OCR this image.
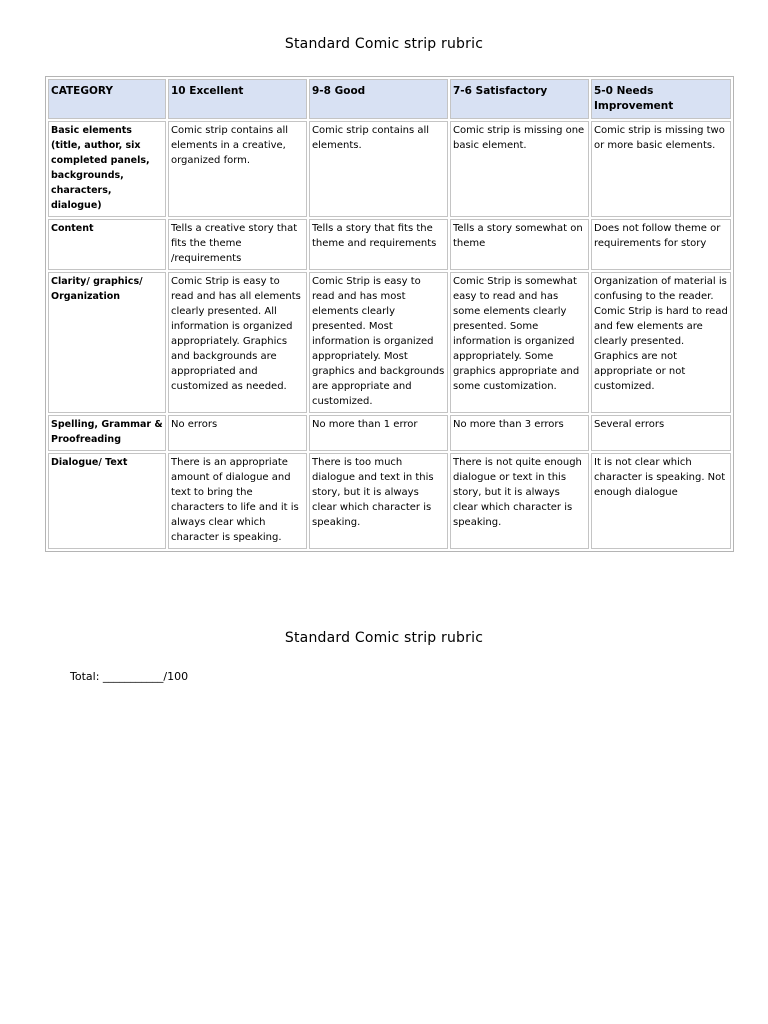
Standard Comic strip rubric
CATEGORY	10 Excellent	9-8 Good	7-6 Satisfactory	5-0 Needs Improvement
Basic elements (title, author, six completed panels, backgrounds, characters, dialogue)	Comic strip contains all elements in a creative, organized form.	Comic strip contains all elements.	Comic strip is missing one basic element.	Comic strip is missing two or more basic elements.
Content	Tells a creative story that fits the theme /requirements	Tells a story that fits the theme and requirements	Tells a story somewhat on theme	Does not follow theme or requirements for story
Clarity/ graphics/ Organization	Comic Strip is easy to read and has all elements clearly presented. All information is organized appropriately. Graphics and backgrounds are appropriated and customized as needed.	Comic Strip is easy to read and has most elements clearly presented. Most information is organized appropriately. Most graphics and backgrounds are appropriate and customized.	Comic Strip is somewhat easy to read and has some elements clearly presented. Some information is organized appropriately. Some graphics appropriate and some customization.	Organization of material is confusing to the reader. Comic Strip is hard to read and few elements are clearly presented. Graphics are not appropriate or not customized.
Spelling, Grammar & Proofreading	No errors	No more than 1 error	No more than 3 errors	Several errors
Dialogue/ Text	There is an appropriate amount of dialogue and text to bring the characters to life and it is always clear which character is speaking.	There is too much dialogue and text in this story, but it is always clear which character is speaking.	There is not quite enough dialogue or text in this story, but it is always clear which character is speaking.	It is not clear which character is speaking. Not enough dialogue
Standard Comic strip rubric
Total: ___________/100
